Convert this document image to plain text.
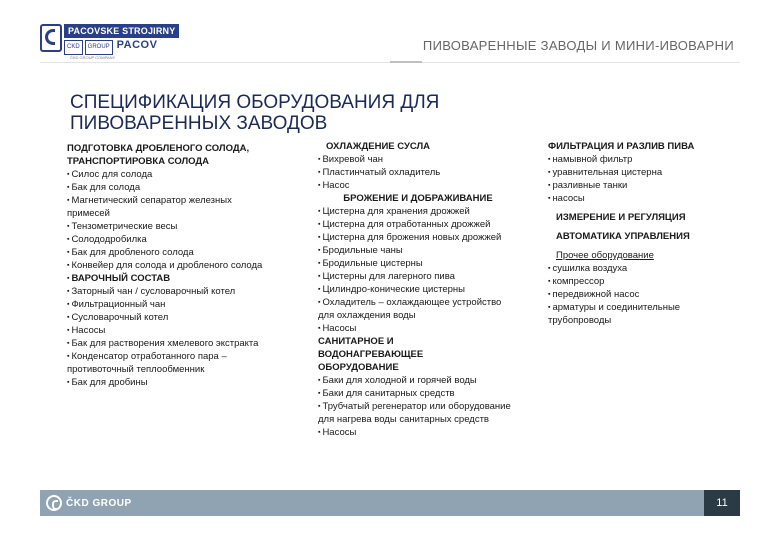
PACOVSKE STROJIRNY
CKD GROUP PACOV
ČKD GROUP COMPANY
ПИВОВАРЕННЫЕ ЗАВОДЫ И МИНИ-ИВОВАРНИ
СПЕЦИФИКАЦИЯ ОБОРУДОВАНИЯ ДЛЯ
ПИВОВАРЕННЫХ ЗАВОДОВ
ПОДГОТОВКА ДРОБЛЕНОГО СОЛОДА, ТРАНСПОРТИРОВКА СОЛОДА
▪ Силос для солода
▪ Бак для солода
▪ Магнетический сепаратор железных примесей
▪ Тензометрические весы
▪ Солододробилка
▪ Бак для дробленого солода
▪ Конвейер для солода и дробленого солода
▪ ВАРОЧНЫЙ СОСТАВ
▪ Заторный чан / сусловарочный котел
▪ Фильтрационный чан
▪ Сусловарочный котел
▪ Насосы
▪ Бак для растворения хмелевого экстракта
▪ Конденсатор отработанного пара – противоточный теплообменник
▪ Бак для дробины
ОХЛАЖДЕНИЕ СУСЛА
▪ Вихревой чан
▪ Пластинчатый охладитель
▪ Насос
БРОЖЕНИЕ И ДОБРАЖИВАНИЕ
▪ Цистерна для хранения дрожжей
▪ Цистерна для отработанных дрожжей
▪ Цистерна для брожения новых дрожжей
▪ Бродильные чаны
▪ Бродильные цистерны
▪ Цистерны для лагерного пива
▪ Цилиндро-конические цистерны
▪ Охладитель – охлаждающее устройство для охлаждения воды
▪ Насосы
САНИТАРНОЕ И ВОДОНАГРЕВАЮЩЕЕ ОБОРУДОВАНИЕ
▪ Баки для холодной и горячей воды
▪ Баки для санитарных средств
▪ Трубчатый регенератор или оборудование для нагрева воды санитарных средств
▪ Насосы
ФИЛЬТРАЦИЯ И РАЗЛИВ ПИВА
▪ намывной фильтр
▪ уравнительная цистерна
▪ разливные танки
▪ насосы
ИЗМЕРЕНИЕ И РЕГУЛЯЦИЯ
АВТОМАТИКА УПРАВЛЕНИЯ
Прочее оборудование
▪ сушилка воздуха
▪ компрессор
▪ передвижной насос
▪ арматуры и соединительные трубопроводы
ČKD GROUP	11
